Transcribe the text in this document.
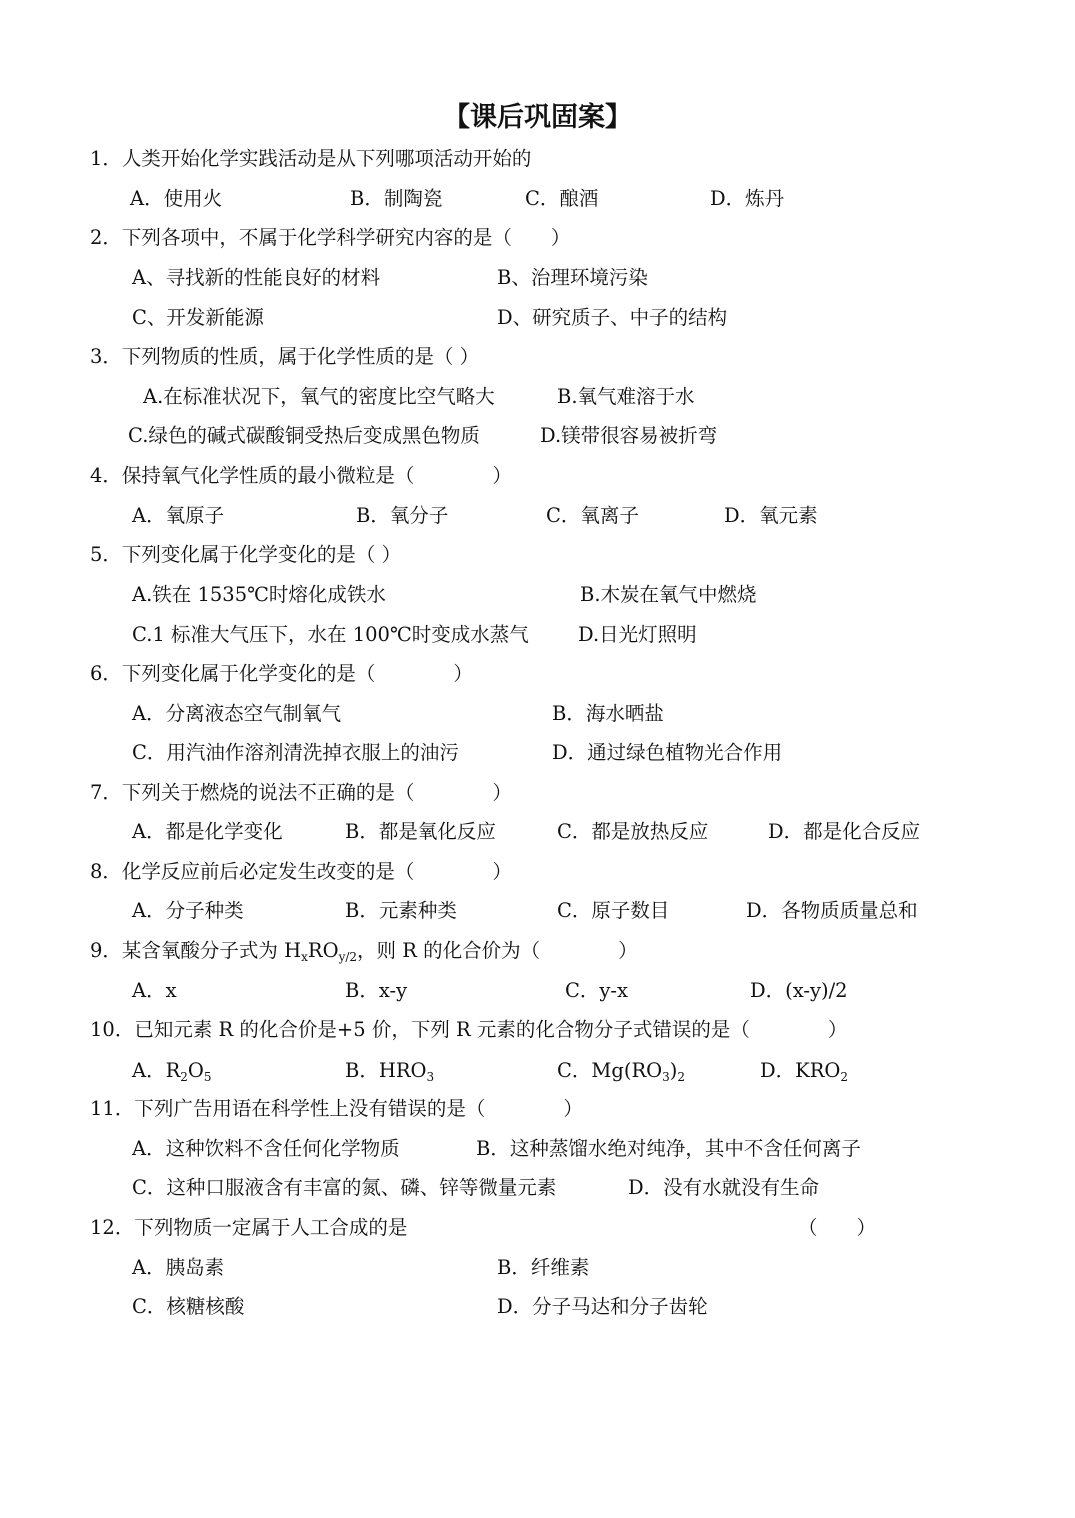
【课后巩固案】
1．人类开始化学实践活动是从下列哪项活动开始的
A．使用火	B．制陶瓷	C．酿酒	D．炼丹
2．下列各项中，不属于化学科学研究内容的是（　　）
A、寻找新的性能良好的材料	B、治理环境污染
C、开发新能源	D、研究质子、中子的结构
3．下列物质的性质，属于化学性质的是（ ）
A.在标准状况下，氧气的密度比空气略大	B.氧气难溶于水
C.绿色的碱式碳酸铜受热后变成黑色物质	D.镁带很容易被折弯
4．保持氧气化学性质的最小微粒是（　　　　）
A．氧原子	B．氧分子	C．氧离子	D．氧元素
5．下列变化属于化学变化的是（ ）
A.铁在 1535℃时熔化成铁水	B.木炭在氧气中燃烧
C.1 标准大气压下，水在 100℃时变成水蒸气	D.日光灯照明
6．下列变化属于化学变化的是（　　　　）
A．分离液态空气制氧气	B．海水晒盐
C．用汽油作溶剂清洗掉衣服上的油污	D．通过绿色植物光合作用
7．下列关于燃烧的说法不正确的是（　　　　）
A．都是化学变化	B．都是氧化反应	C．都是放热反应	D．都是化合反应
8．化学反应前后必定发生改变的是（　　　　）
A．分子种类	B．元素种类	C．原子数目	D．各物质质量总和
9．某含氧酸分子式为 $H_xRO_{y/2}$，则 R 的化合价为（　　　　）
A．x	B．x-y	C．y-x	D．(x-y)/2
10．已知元素 R 的化合价是+5 价，下列 R 元素的化合物分子式错误的是（　　　　）
A．$R_2O_5$	B．$HRO_3$	C．$Mg(RO_3)_2$	D．$KRO_2$
11．下列广告用语在科学性上没有错误的是（　　　　）
A．这种饮料不含任何化学物质	B．这种蒸馏水绝对纯净，其中不含任何离子
C．这种口服液含有丰富的氮、磷、锌等微量元素	D．没有水就没有生命
12．下列物质一定属于人工合成的是	（　　）
A．胰岛素	B．纤维素
C．核糖核酸	D．分子马达和分子齿轮
